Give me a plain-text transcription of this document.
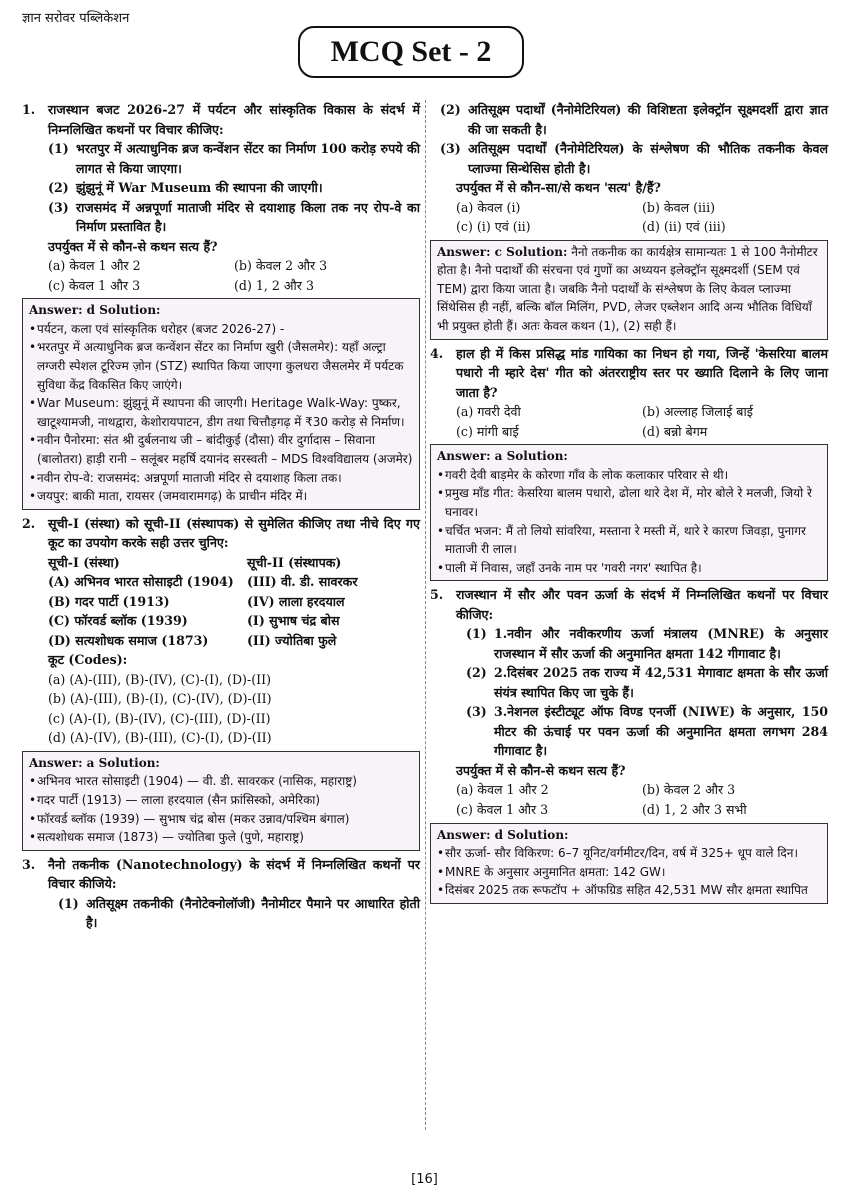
ज्ञान सरोवर पब्लिकेशन
MCQ Set - 2
1.	राजस्थान बजट 2026-27 में पर्यटन और सांस्कृतिक विकास के संदर्भ में निम्नलिखित कथनों पर विचार कीजिए:
(1) भरतपुर में अत्याधुनिक ब्रज कन्वेंशन सेंटर का निर्माण 100 करोड़ रुपये की लागत से किया जाएगा।
(2) झुंझुनूं में War Museum की स्थापना की जाएगी।
(3) राजसमंद में अन्नपूर्णा माताजी मंदिर से दयाशाह किला तक नए रोप-वे का निर्माण प्रस्तावित है।
उपर्युक्त में से कौन-से कथन सत्य हैं?
(a) केवल 1 और 2	(b) केवल 2 और 3
(c) केवल 1 और 3	(d) 1, 2 और 3
Answer: d Solution:
• पर्यटन, कला एवं सांस्कृतिक धरोहर (बजट 2026-27) -
• भरतपुर में अत्याधुनिक ब्रज कन्वेंशन सेंटर का निर्माण खुरी (जैसलमेर): यहाँ अल्ट्रा लग्जरी स्पेशल टूरिज्म ज़ोन (STZ) स्थापित किया जाएगा कुलधरा जैसलमेर में पर्यटक सुविधा केंद्र विकसित किए जाएंगे।
• War Museum: झुंझुनूं में स्थापना की जाएगी। Heritage Walk-Way: पुष्कर, खाटूश्यामजी, नाथद्वारा, केशोरायपाटन, डीग तथा चित्तौड़गढ़ में ₹30 करोड़ से निर्माण।
• नवीन पैनोरमा: संत श्री दुर्बलनाथ जी – बांदीकुई (दौसा) वीर दुर्गादास – सिवाना (बालोतरा) हाड़ी रानी – सलूंबर महर्षि दयानंद सरस्वती – MDS विश्वविद्यालय (अजमेर)
• नवीन रोप-वे: राजसमंद: अन्नपूर्णा माताजी मंदिर से दयाशाह किला तक।
• जयपुर: बाकी माता, रायसर (जमवारामगढ़) के प्राचीन मंदिर में।
2.	सूची-I (संस्था) को सूची-II (संस्थापक) से सुमेलित कीजिए तथा नीचे दिए गए कूट का उपयोग करके सही उत्तर चुनिए:
सूची-I (संस्था)	सूची-II (संस्थापक)
(A) अभिनव भारत सोसाइटी (1904)	(III) वी. डी. सावरकर
(B) गदर पार्टी (1913)	(IV) लाला हरदयाल
(C) फॉरवर्ड ब्लॉक (1939)	(I) सुभाष चंद्र बोस
(D) सत्यशोधक समाज (1873)	(II) ज्योतिबा फुले
कूट (Codes):
(a) (A)-(III), (B)-(IV), (C)-(I), (D)-(II)
(b) (A)-(III), (B)-(I), (C)-(IV), (D)-(II)
(c) (A)-(I), (B)-(IV), (C)-(III), (D)-(II)
(d) (A)-(IV), (B)-(III), (C)-(I), (D)-(II)
Answer: a Solution:
• अभिनव भारत सोसाइटी (1904) — वी. डी. सावरकर (नासिक, महाराष्ट्र)
• गदर पार्टी (1913) — लाला हरदयाल (सैन फ्रांसिस्को, अमेरिका)
• फॉरवर्ड ब्लॉक (1939) — सुभाष चंद्र बोस (मकर उन्नाव/पश्चिम बंगाल)
• सत्यशोधक समाज (1873) — ज्योतिबा फुले (पुणे, महाराष्ट्र)
3.	नैनो तकनीक (Nanotechnology) के संदर्भ में निम्नलिखित कथनों पर विचार कीजिये:
(1) अतिसूक्ष्म तकनीकी (नैनोटेक्नोलॉजी) नैनोमीटर पैमाने पर आधारित होती है।
(2) अतिसूक्ष्म पदार्थों (नैनोमेटिरियल) की विशिष्टता इलेक्ट्रॉन सूक्ष्मदर्शी द्वारा ज्ञात की जा सकती है।
(3) अतिसूक्ष्म पदार्थों (नैनोमेटिरियल) के संश्लेषण की भौतिक तकनीक केवल प्लाज्मा सिन्थेसिस होती है।
उपर्युक्त में से कौन-सा/से कथन 'सत्य' है/हैं?
(a) केवल (i)	(b) केवल (iii)
(c) (i) एवं (ii)	(d) (ii) एवं (iii)
Answer: c Solution: नैनो तकनीक का कार्यक्षेत्र सामान्यतः 1 से 100 नैनोमीटर होता है। नैनो पदार्थों की संरचना एवं गुणों का अध्ययन इलेक्ट्रॉन सूक्ष्मदर्शी (SEM एवं TEM) द्वारा किया जाता है। जबकि नैनो पदार्थों के संश्लेषण के लिए केवल प्लाज्मा सिंथेसिस ही नहीं, बल्कि बॉल मिलिंग, PVD, लेजर एब्लेशन आदि अन्य भौतिक विधियाँ भी प्रयुक्त होती हैं। अतः केवल कथन (1), (2) सही हैं।
4.	हाल ही में किस प्रसिद्ध मांड गायिका का निधन हो गया, जिन्हें 'केसरिया बालम पधारो नी म्हारे देस' गीत को अंतरराष्ट्रीय स्तर पर ख्याति दिलाने के लिए जाना जाता है?
(a) गवरी देवी	(b) अल्लाह जिलाई बाई
(c) मांगी बाई	(d) बन्नो बेगम
Answer: a Solution:
• गवरी देवी बाड़मेर के कोरणा गाँव के लोक कलाकार परिवार से थी।
• प्रमुख माँड गीत: केसरिया बालम पधारो, ढोला थारे देश में, मोर बोले रे मलजी, जियो रे घनावर।
• चर्चित भजन: मैं तो लियो सांवरिया, मस्ताना रे मस्ती में, थारे रे कारण जिवड़ा, पुनागर माताजी री लाल।
• पाली में निवास, जहाँ उनके नाम पर 'गवरी नगर' स्थापित है।
5.	राजस्थान में सौर और पवन ऊर्जा के संदर्भ में निम्नलिखित कथनों पर विचार कीजिए:
(1) 1.नवीन और नवीकरणीय ऊर्जा मंत्रालय (MNRE) के अनुसार राजस्थान में सौर ऊर्जा की अनुमानित क्षमता 142 गीगावाट है।
(2) 2.दिसंबर 2025 तक राज्य में 42,531 मेगावाट क्षमता के सौर ऊर्जा संयंत्र स्थापित किए जा चुके हैं।
(3) 3.नेशनल इंस्टीट्यूट ऑफ विण्ड एनर्जी (NIWE) के अनुसार, 150 मीटर की ऊंचाई पर पवन ऊर्जा की अनुमानित क्षमता लगभग 284 गीगावाट है।
उपर्युक्त में से कौन-से कथन सत्य हैं?
(a) केवल 1 और 2	(b) केवल 2 और 3
(c) केवल 1 और 3	(d) 1, 2 और 3 सभी
Answer: d Solution:
• सौर ऊर्जा- सौर विकिरण: 6–7 यूनिट/वर्गमीटर/दिन, वर्ष में 325+ धूप वाले दिन।
• MNRE के अनुसार अनुमानित क्षमता: 142 GW।
• दिसंबर 2025 तक रूफटॉप + ऑफग्रिड सहित 42,531 MW सौर क्षमता स्थापित
[16]
